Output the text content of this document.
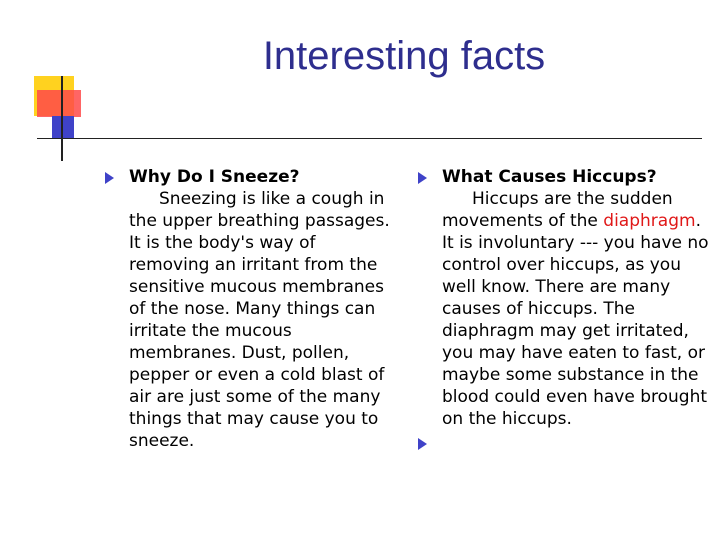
Interesting facts
Why Do I Sneeze?

Sneezing is like a cough in the upper breathing passages. It is the body's way of removing an irritant from the sensitive mucous membranes of the nose. Many things can irritate the mucous membranes. Dust, pollen, pepper or even a cold blast of air are just some of the many things that may cause you to sneeze.

What Causes Hiccups?

Hiccups are the sudden movements of the diaphragm. It is involuntary --- you have no control over hiccups, as you well know. There are many causes of hiccups. The diaphragm may get irritated, you may have eaten to fast, or maybe some substance in the blood could even have brought on the hiccups.
